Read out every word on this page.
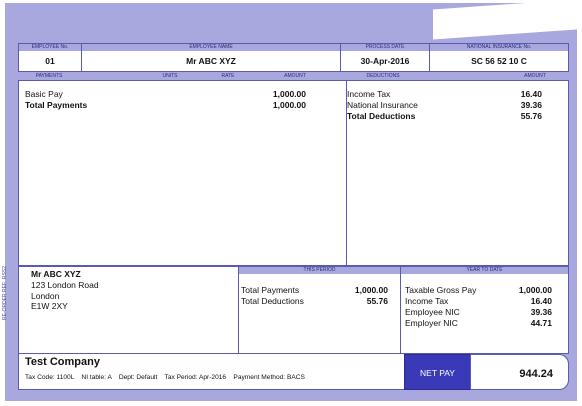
RE-ORDER REF: RSS2
EMPLOYEE No.	EMPLOYEE NAME	PROCESS DATE	NATIONAL INSURANCE No.
01	Mr ABC XYZ	30-Apr-2016	SC 56 52 10 C
PAYMENTS	UNITS	RATE	AMOUNT	DEDUCTIONS	AMOUNT
Basic Pay	1,000.00
Total Payments	1,000.00
Income Tax	16.40
National Insurance	39.36
Total Deductions	55.76
THIS PERIOD	YEAR TO DATE
Mr ABC XYZ
123 London Road
London
E1W 2XY
Total Payments	1,000.00
Total Deductions	55.76
Taxable Gross Pay	1,000.00
Income Tax	16.40
Employee NIC	39.36
Employer NIC	44.71
Test Company
Tax Code: 1100L    NI table: A    Dept: Default    Tax Period: Apr-2016    Payment Method: BACS	NET PAY	944.24
